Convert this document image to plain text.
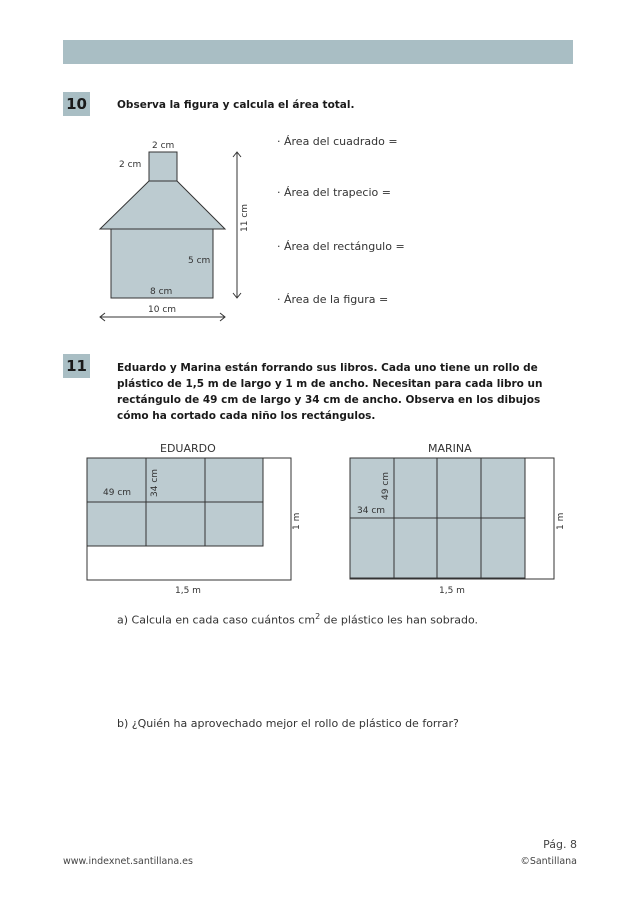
10	Observa la figura y calcula el área total.
2 cm
2 cm
11 cm
5 cm
8 cm
10 cm
· Área del cuadrado =
· Área del trapecio =
· Área del rectángulo =
· Área de la figura =
11	Eduardo y Marina están forrando sus libros. Cada uno tiene un rollo de plástico de 1,5 m de largo y 1 m de ancho. Necesitan para cada libro un rectángulo de 49 cm de largo y 34 cm de ancho. Observa en los dibujos cómo ha cortado cada niño los rectángulos.
EDUARDO
49 cm 34 cm
1 m
1,5 m
MARINA
49 cm
34 cm
1 m
1,5 m
a) Calcula en cada caso cuántos $cm^2$ de plástico les han sobrado.
b) ¿Quién ha aprovechado mejor el rollo de plástico de forrar?
Pág. 8
www.indexnet.santillana.es	©Santillana
